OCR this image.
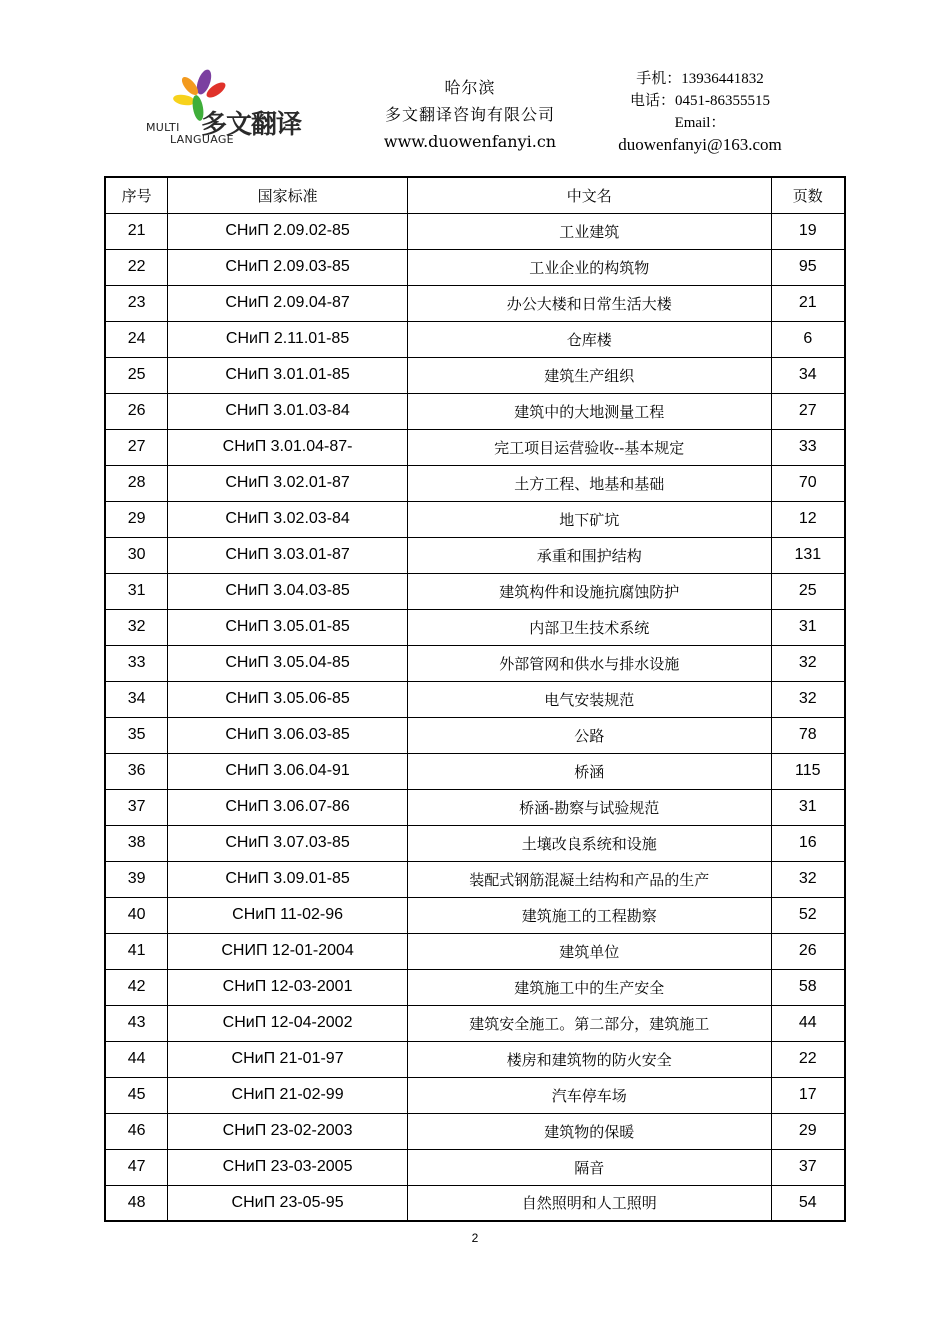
多文翻译
MULTI
LANGUAGE
哈尔滨
多文翻译咨询有限公司
www.duowenfanyi.cn
手机：13936441832
电话：0451-86355515
Email：
duowenfanyi@163.com
序号	国家标准	中文名	页数
21	СНиП 2.09.02-85	工业建筑	19
22	СНиП 2.09.03-85	工业企业的构筑物	95
23	СНиП 2.09.04-87	办公大楼和日常生活大楼	21
24	СНиП 2.11.01-85	仓库楼	6
25	СНиП 3.01.01-85	建筑生产组织	34
26	СНиП 3.01.03-84	建筑中的大地测量工程	27
27	СНиП 3.01.04-87-	完工项目运营验收--基本规定	33
28	СНиП 3.02.01-87	土方工程、地基和基础	70
29	СНиП 3.02.03-84	地下矿坑	12
30	СНиП 3.03.01-87	承重和围护结构	131
31	СНиП 3.04.03-85	建筑构件和设施抗腐蚀防护	25
32	СНиП 3.05.01-85	内部卫生技术系统	31
33	СНиП 3.05.04-85	外部管网和供水与排水设施	32
34	СНиП 3.05.06-85	电气安装规范	32
35	СНиП 3.06.03-85	公路	78
36	СНиП 3.06.04-91	桥涵	115
37	СНиП 3.06.07-86	桥涵-勘察与试验规范	31
38	СНиП 3.07.03-85	土壤改良系统和设施	16
39	СНиП 3.09.01-85	装配式钢筋混凝土结构和产品的生产	32
40	СНиП 11-02-96	建筑施工的工程勘察	52
41	СНИП 12-01-2004	建筑单位	26
42	СНиП 12-03-2001	建筑施工中的生产安全	58
43	СНиП 12-04-2002	建筑安全施工。第二部分，建筑施工	44
44	СНиП 21-01-97	楼房和建筑物的防火安全	22
45	СНиП 21-02-99	汽车停车场	17
46	СНиП 23-02-2003	建筑物的保暖	29
47	СНиП 23-03-2005	隔音	37
48	СНиП 23-05-95	自然照明和人工照明	54
2
